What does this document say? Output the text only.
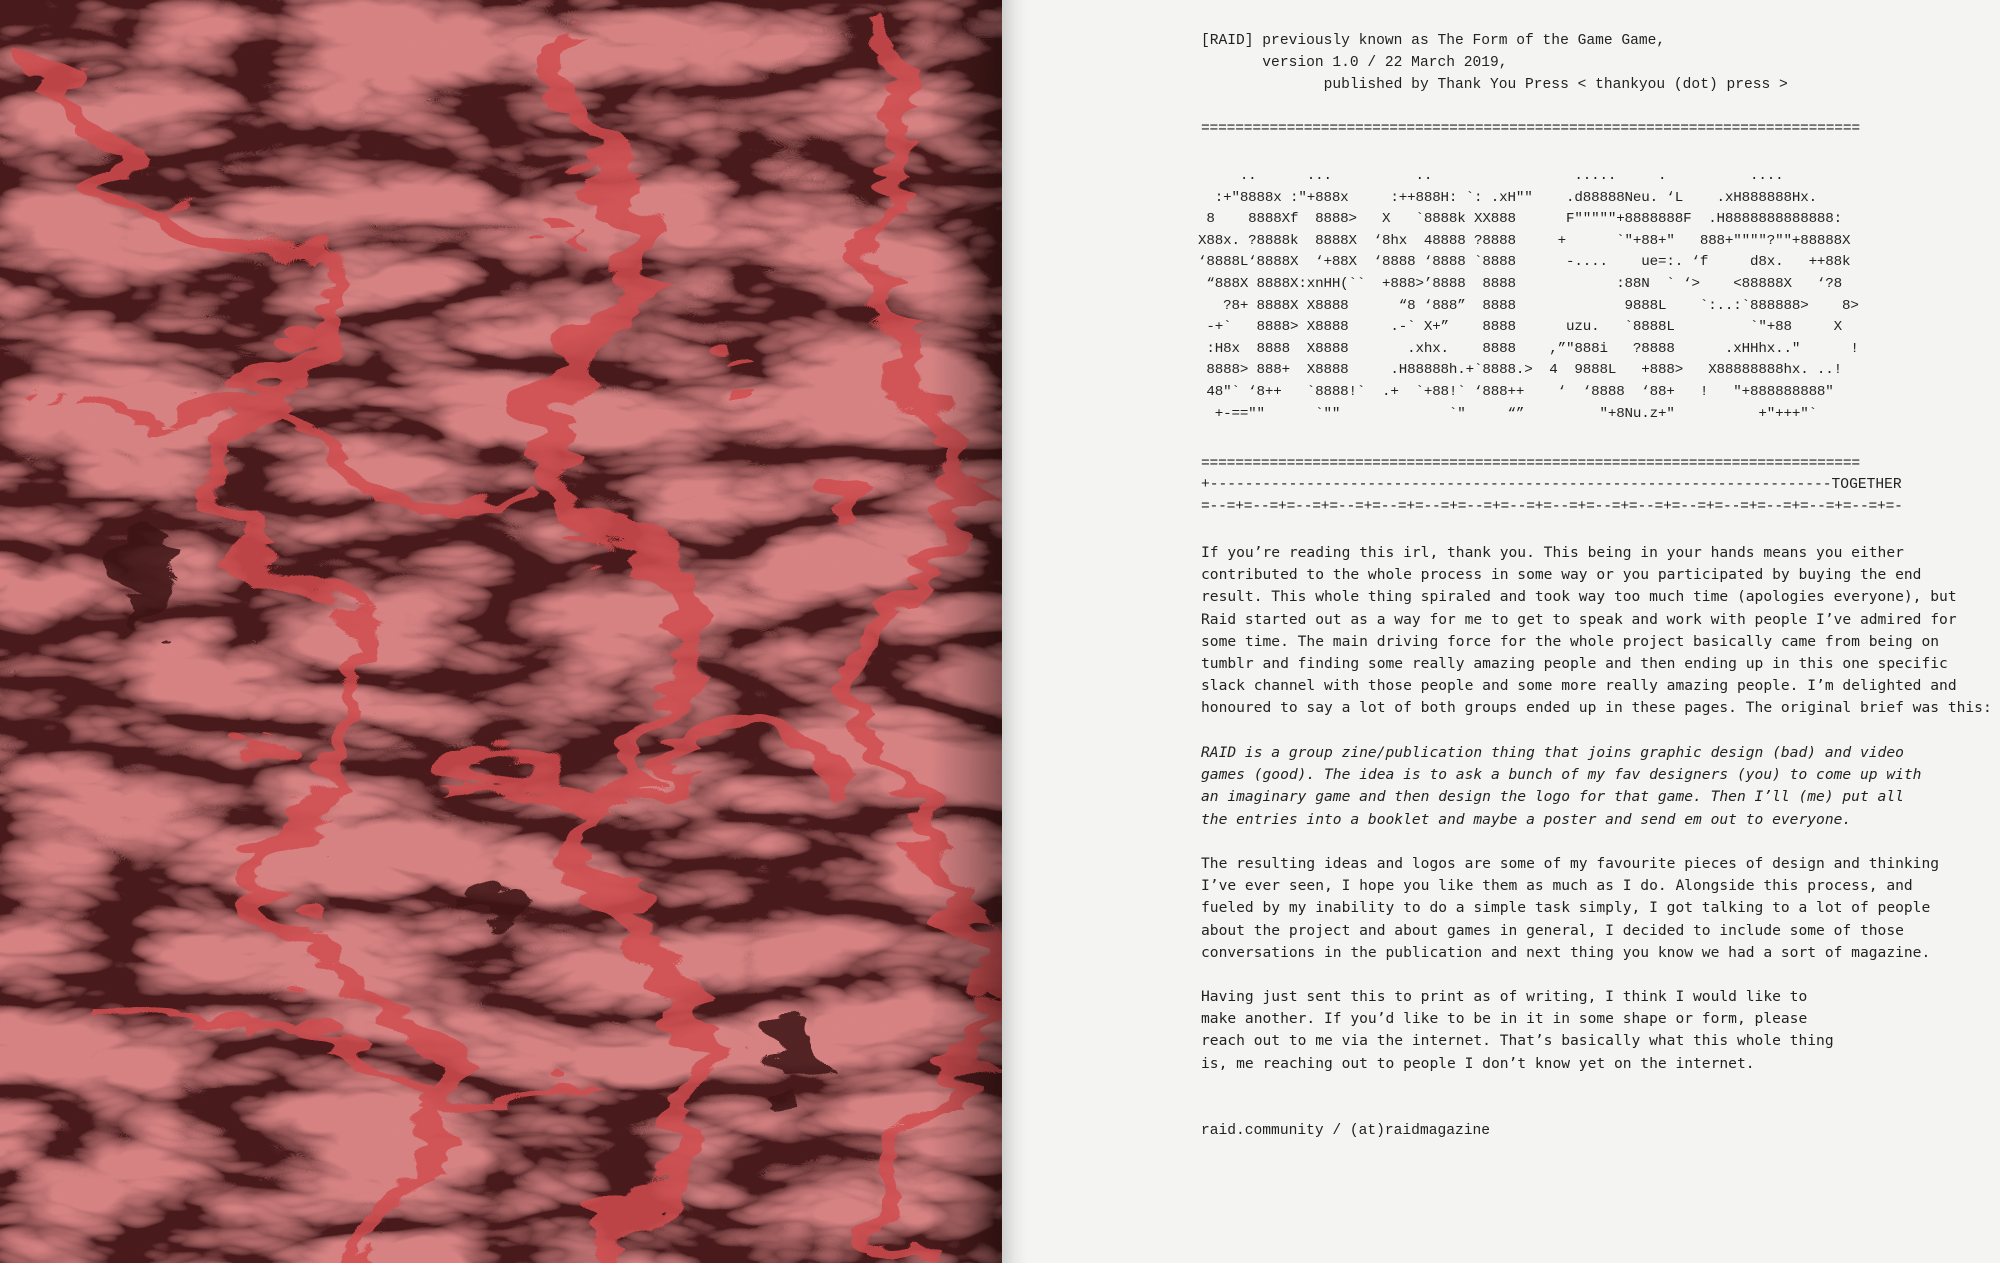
[RAID] previously known as The Form of the Game Game,
version 1.0 / 22 March 2019,
published by Thank You Press < thankyou (dot) press >
=============================================================================
..      ...          ..                 .....     .          ....
:+"8888x :"+888x     :++888H: `: .xH""    .d88888Neu. ‘L    .xH888888Hx.
8    8888Xf  8888>   X   `8888k XX888      F"""""+8888888F  .H8888888888888:
X88x. ?8888k  8888X  ‘8hx  48888 ?8888     +      `"+88+"   888+""""?""+88888X
‘8888L‘8888X  ‘+88X  ‘8888 ‘8888 `8888      -....    ue=:. ‘f     d8x.   ++88k
“888X 8888X:xnHH(``  +888>’8888  8888            :88N  ` ‘>    <88888X   ‘?8
?8+ 8888X X8888      “8 ‘888”  8888             9888L    `:..:`888888>    8>
-+`   8888> X8888     .-` X+”    8888      uzu.   `8888L         `"+88     X
:H8x  8888  X8888       .xhx.    8888    ,”"888i   ?8888      .xHHhx.."      !
8888> 888+  X8888     .H88888h.+`8888.>  4  9888L   +888>   X88888888hx. ..!
48"` ‘8++   `8888!`  .+  `+88!` ‘888++    ‘  ‘8888  ‘88+   !   "+888888888"
+-==""      `""             `"     “”         "+8Nu.z+"          +"+++"`
=============================================================================
+-----------------------------------------------------------------------TOGETHER
=--=+=--=+=--=+=--=+=--=+=--=+=--=+=--=+=--=+=--=+=--=+=--=+=--=+=--=+=--=+=--=+=-
If you’re reading this irl, thank you. This being in your hands means you either
contributed to the whole process in some way or you participated by buying the end
result. This whole thing spiraled and took way too much time (apologies everyone), but
Raid started out as a way for me to get to speak and work with people I’ve admired for
some time. The main driving force for the whole project basically came from being on
tumblr and finding some really amazing people and then ending up in this one specific
slack channel with those people and some more really amazing people. I’m delighted and
honoured to say a lot of both groups ended up in these pages. The original brief was this:
RAID is a group zine/publication thing that joins graphic design (bad) and video
games (good). The idea is to ask a bunch of my fav designers (you) to come up with
an imaginary game and then design the logo for that game. Then I’ll (me) put all
the entries into a booklet and maybe a poster and send em out to everyone.
The resulting ideas and logos are some of my favourite pieces of design and thinking
I’ve ever seen, I hope you like them as much as I do. Alongside this process, and
fueled by my inability to do a simple task simply, I got talking to a lot of people
about the project and about games in general, I decided to include some of those
conversations in the publication and next thing you know we had a sort of magazine.
Having just sent this to print as of writing, I think I would like to
make another. If you’d like to be in it in some shape or form, please
reach out to me via the internet. That’s basically what this whole thing
is, me reaching out to people I don’t know yet on the internet.
raid.community / (at)raidmagazine
